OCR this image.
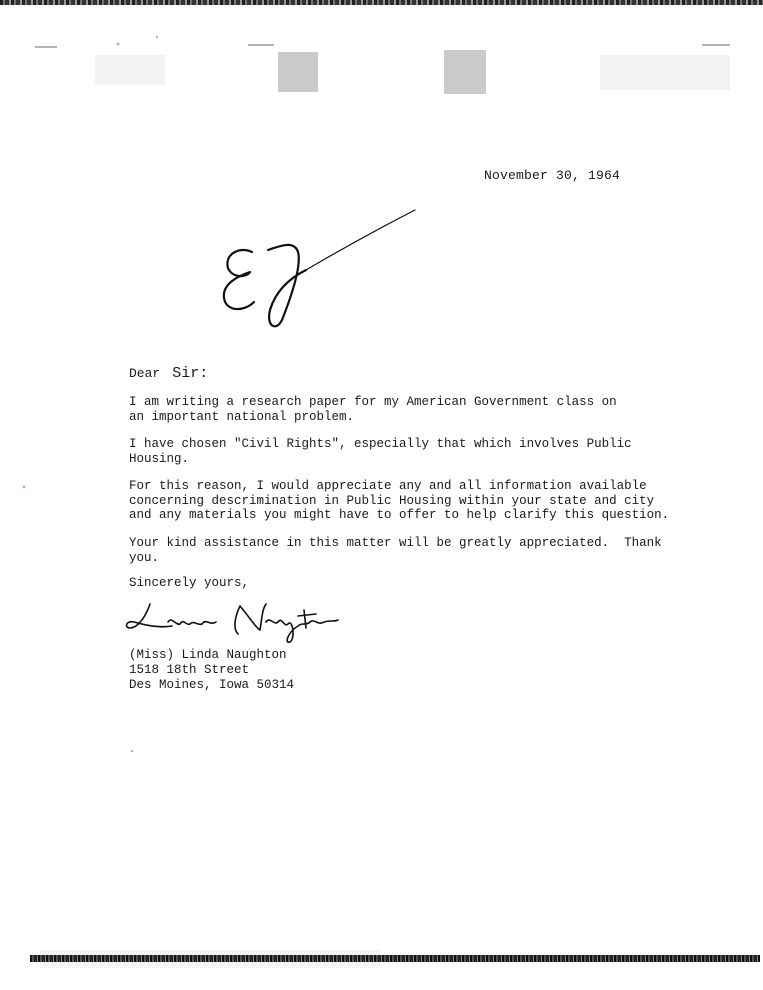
November 30, 1964
Dear Sir:
I am writing a research paper for my American Government class on
an important national problem.
I have chosen "Civil Rights", especially that which involves Public
Housing.
For this reason, I would appreciate any and all information available
concerning descrimination in Public Housing within your state and city
and any materials you might have to offer to help clarify this question.
Your kind assistance in this matter will be greatly appreciated.  Thank
you.
Sincerely yours,
(Miss) Linda Naughton
1518 18th Street
Des Moines, Iowa 50314
